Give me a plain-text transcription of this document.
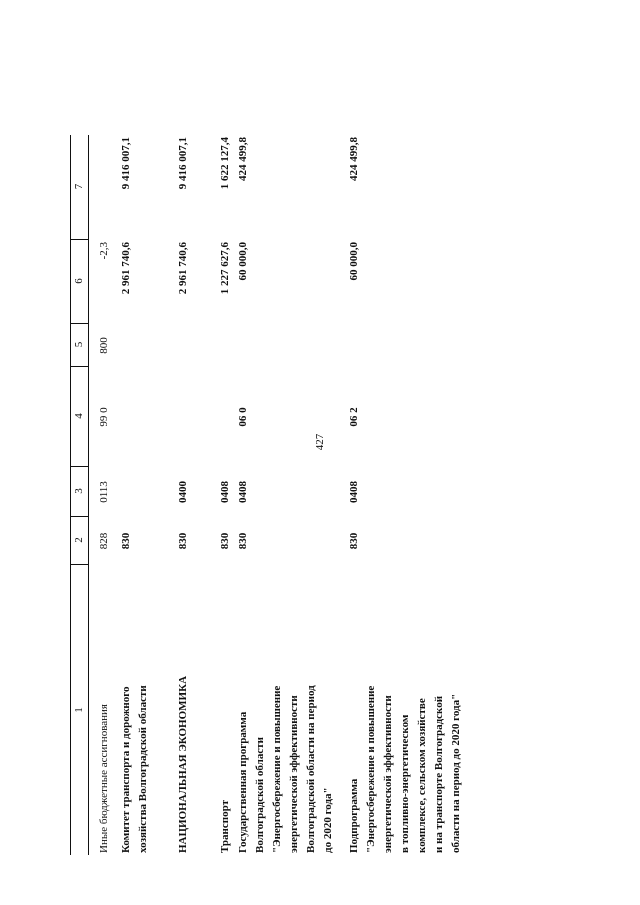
427
1
2
3
4
5
6
7
Иные бюджетные ассигнования
828
0113
99 0
800
-2,3
Комитет транспорта и дорожного хозяйства Волгоградской области
830
2 961 740,6
9 416 007,1
НАЦИОНАЛЬНАЯ ЭКОНОМИКА
830
0400
2 961 740,6
9 416 007,1
Транспорт
830
0408
1 227 627,6
1 622 127,4
Государственная программа Волгоградской области "Энергосбережение и повышение энергетической эффективности Волгоградской области на период до 2020 года"
830
0408
06 0
60 000,0
424 499,8
Подпрограмма "Энергосбережение и повышение энергетической эффективности в топливно-энергетическом комплексе, сельском хозяйстве и на транспорте Волгоградской области на период до 2020 года"
830
0408
06 2
60 000,0
424 499,8
